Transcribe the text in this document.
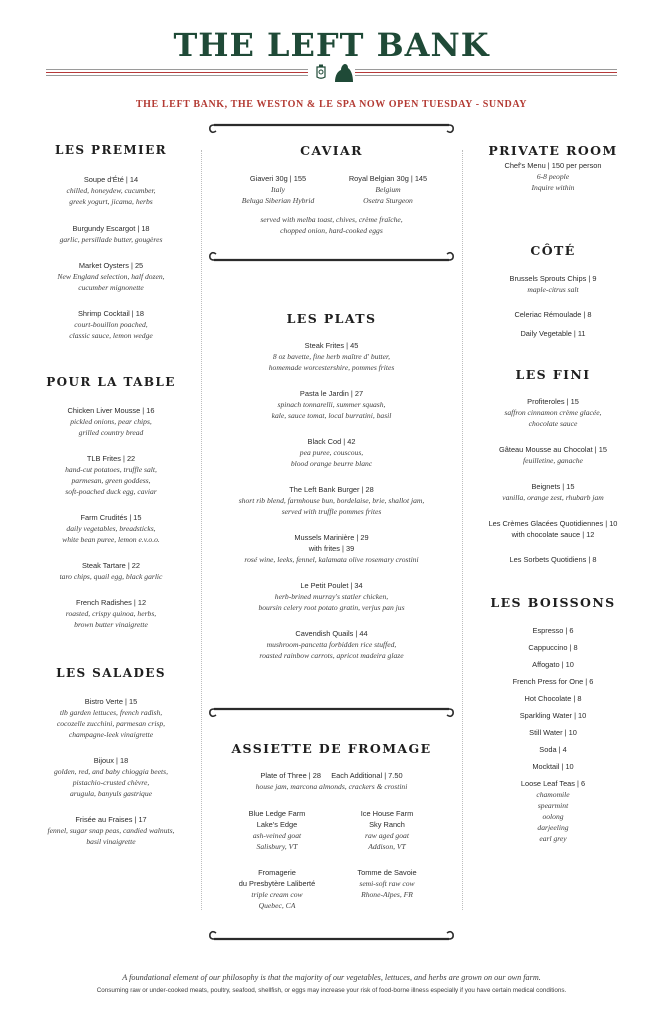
THE LEFT BANK
THE LEFT BANK, THE WESTON & LE SPA NOW OPEN TUESDAY - SUNDAY
LES PREMIER
Soupe d'Été | 14
chilled, honeydew, cucumber,
greek yogurt, jicama, herbs
Burgundy Escargot | 18
garlic, persillade butter, gougères
Market Oysters | 25
New England selection, half dozen,
cucumber mignonette
Shrimp Cocktail | 18
court-bouillon poached,
classic sauce, lemon wedge
POUR LA TABLE
Chicken Liver Mousse | 16
pickled onions, pear chips,
grilled country bread
TLB Frites | 22
hand-cut potatoes, truffle salt,
parmesan, green goddess,
soft-poached duck egg, caviar
Farm Crudités | 15
daily vegetables, breadsticks,
white bean puree, lemon e.v.o.o.
Steak Tartare | 22
taro chips, quail egg, black garlic
French Radishes | 12
roasted, crispy quinoa, herbs,
brown butter vinaigrette
LES SALADES
Bistro Verte | 15
tlb garden lettuces, french radish,
cocozelle zucchini, parmesan crisp,
champagne-leek vinaigrette
Bijoux | 18
golden, red, and baby chioggia beets,
pistachio-crusted chèvre,
arugula, banyuls gastrique
Frisée au Fraises | 17
fennel, sugar snap peas, candied walnuts,
basil vinaigrette
CAVIAR
Giaveri 30g | 155
Italy
Beluga Siberian Hybrid
Royal Belgian 30g | 145
Belgium
Osetra Sturgeon
served with melba toast, chives, crème fraîche,
chopped onion, hard-cooked eggs
LES PLATS
Steak Frites | 45
8 oz bavette, fine herb maître d' butter,
homemade worcestershire, pommes frites
Pasta le Jardin | 27
spinach tonnarelli, summer squash,
kale, sauce tomat, local burratini, basil
Black Cod | 42
pea puree, couscous,
blood orange beurre blanc
The Left Bank Burger | 28
short rib blend, farmhouse bun, bordelaise, brie, shallot jam,
served with truffle pommes frites
Mussels Marinière | 29
with frites | 39
rosé wine, leeks, fennel, kalamata olive rosemary crostini
Le Petit Poulet | 34
herb-brined murray's statler chicken,
boursin celery root potato gratin, verjus pan jus
Cavendish Quails | 44
mushroom-pancetta forbidden rice stuffed,
roasted rainbow carrots, apricot madeira glaze
ASSIETTE DE FROMAGE
Plate of Three | 28     Each Additional | 7.50
house jam, marcona almonds, crackers & crostini
Blue Ledge Farm
Lake's Edge
ash-veined goat
Salisbury, VT
Ice House Farm
Sky Ranch
raw aged goat
Addison, VT
Fromagerie
du Presbytère Laliberté
triple cream cow
Quebec, CA
Tomme de Savoie
semi-soft raw cow
Rhone-Alpes, FR
PRIVATE ROOM
Chef's Menu | 150 per person
6-8 people
Inquire within
CÔTÉ
Brussels Sprouts Chips | 9
maple-citrus salt
Celeriac Rémoulade | 8
Daily Vegetable | 11
LES FINI
Profiteroles | 15
saffron cinnamon crème glacée,
chocolate sauce
Gâteau Mousse au Chocolat | 15
feuilletine, ganache
Beignets | 15
vanilla, orange zest, rhubarb jam
Les Crèmes Glacées Quotidiennes | 10
with chocolate sauce | 12
Les Sorbets Quotidiens | 8
LES BOISSONS
Espresso | 6
Cappuccino | 8
Affogato | 10
French Press for One | 6
Hot Chocolate | 8
Sparkling Water | 10
Still Water | 10
Soda | 4
Mocktail | 10
Loose Leaf Teas | 6
chamomile
spearmint
oolong
darjeeling
earl grey
A foundational element of our philosophy is that the majority of our vegetables, lettuces, and herbs are grown on our own farm.
Consuming raw or under-cooked meats, poultry, seafood, shellfish, or eggs may increase your risk of food-borne illness especially if you have certain medical conditions.
